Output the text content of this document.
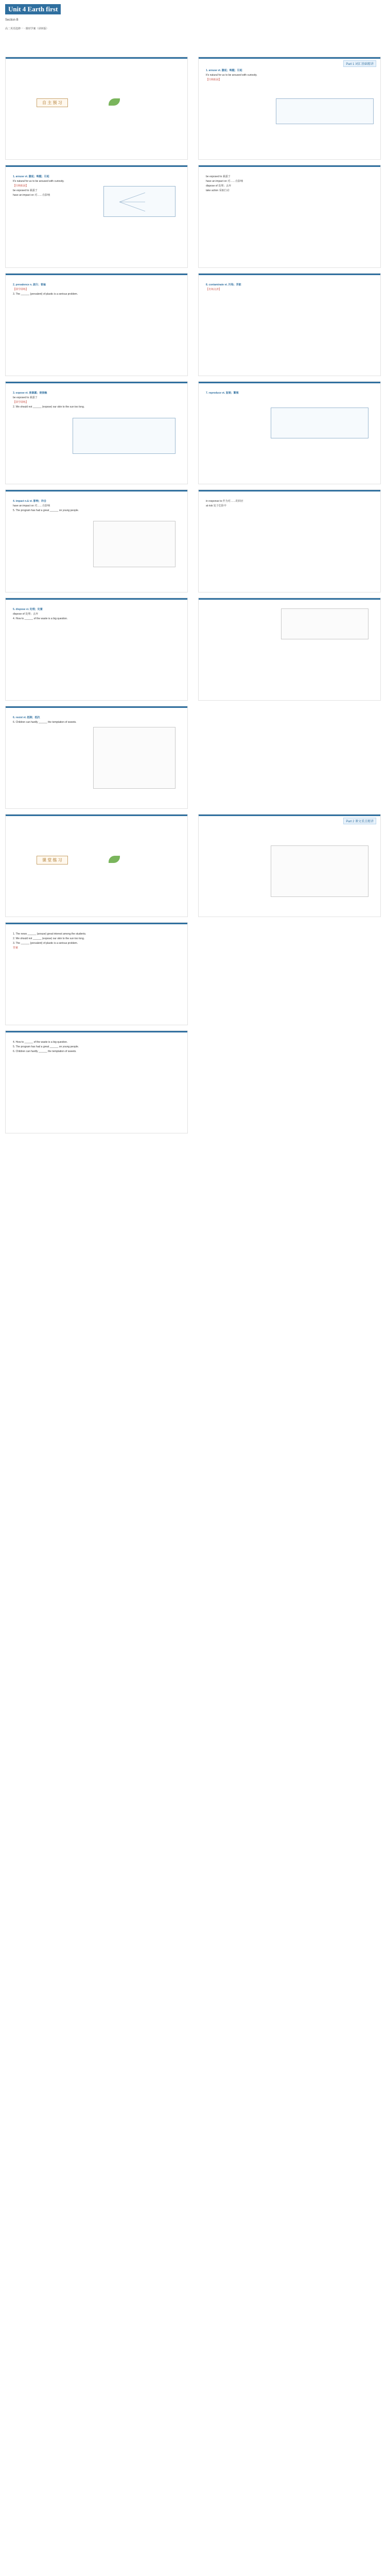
Unit 4 Earth first
Section B
高二英语选修一 · 课时学案（译林版）
自 主 预 习
1. arouse vt. 激起；唤醒；引起
It's natural for us to be aroused with curiosity.
【归纳拓展】
be exposed to 暴露于
have an impact on 对……有影响
2. prevalence n. 流行；普遍
【即学即练】
3. The ______ (prevalent) of plastic is a serious problem.
3. expose vt. 使暴露；使接触
be exposed to 暴露于
【即学即练】
2. We should not ______ (expose) our skin to the sun too long.
4. impact n.& vt. 影响；冲击
have an impact on 对……有影响
5. The program has had a great ______ on young people.
5. dispose vi. 处理；处置
dispose of 处理；丢弃
4. How to ______ of the waste is a big question.
6. resist vt. 抵制；抵抗
6. Children can hardly ______ the temptation of sweets.
课 堂 练 习
1. The news ______ (arouse) great interest among the students.
2. We should not ______ (expose) our skin to the sun too long.
3. The ______ (prevalent) of plastic is a serious problem.
答案
4. How to ______ of the waste is a big question.
5. The program has had a great ______ on young people.
6. Children can hardly ______ the temptation of sweets.
Part 1 词汇基础精讲
1. arouse vt. 激起；唤醒；引起
It's natural for us to be aroused with curiosity.
【归纳拓展】
be exposed to 暴露于
have an impact on 对……有影响
dispose of 处理；丢弃
take action 采取行动
8. contaminate vt. 污染；弄脏
【名师点津】
7. reproduce vt. 复制；繁殖
in response to 作为对……的回应
at risk 处于危险中
Part 2 课文重点精讲
